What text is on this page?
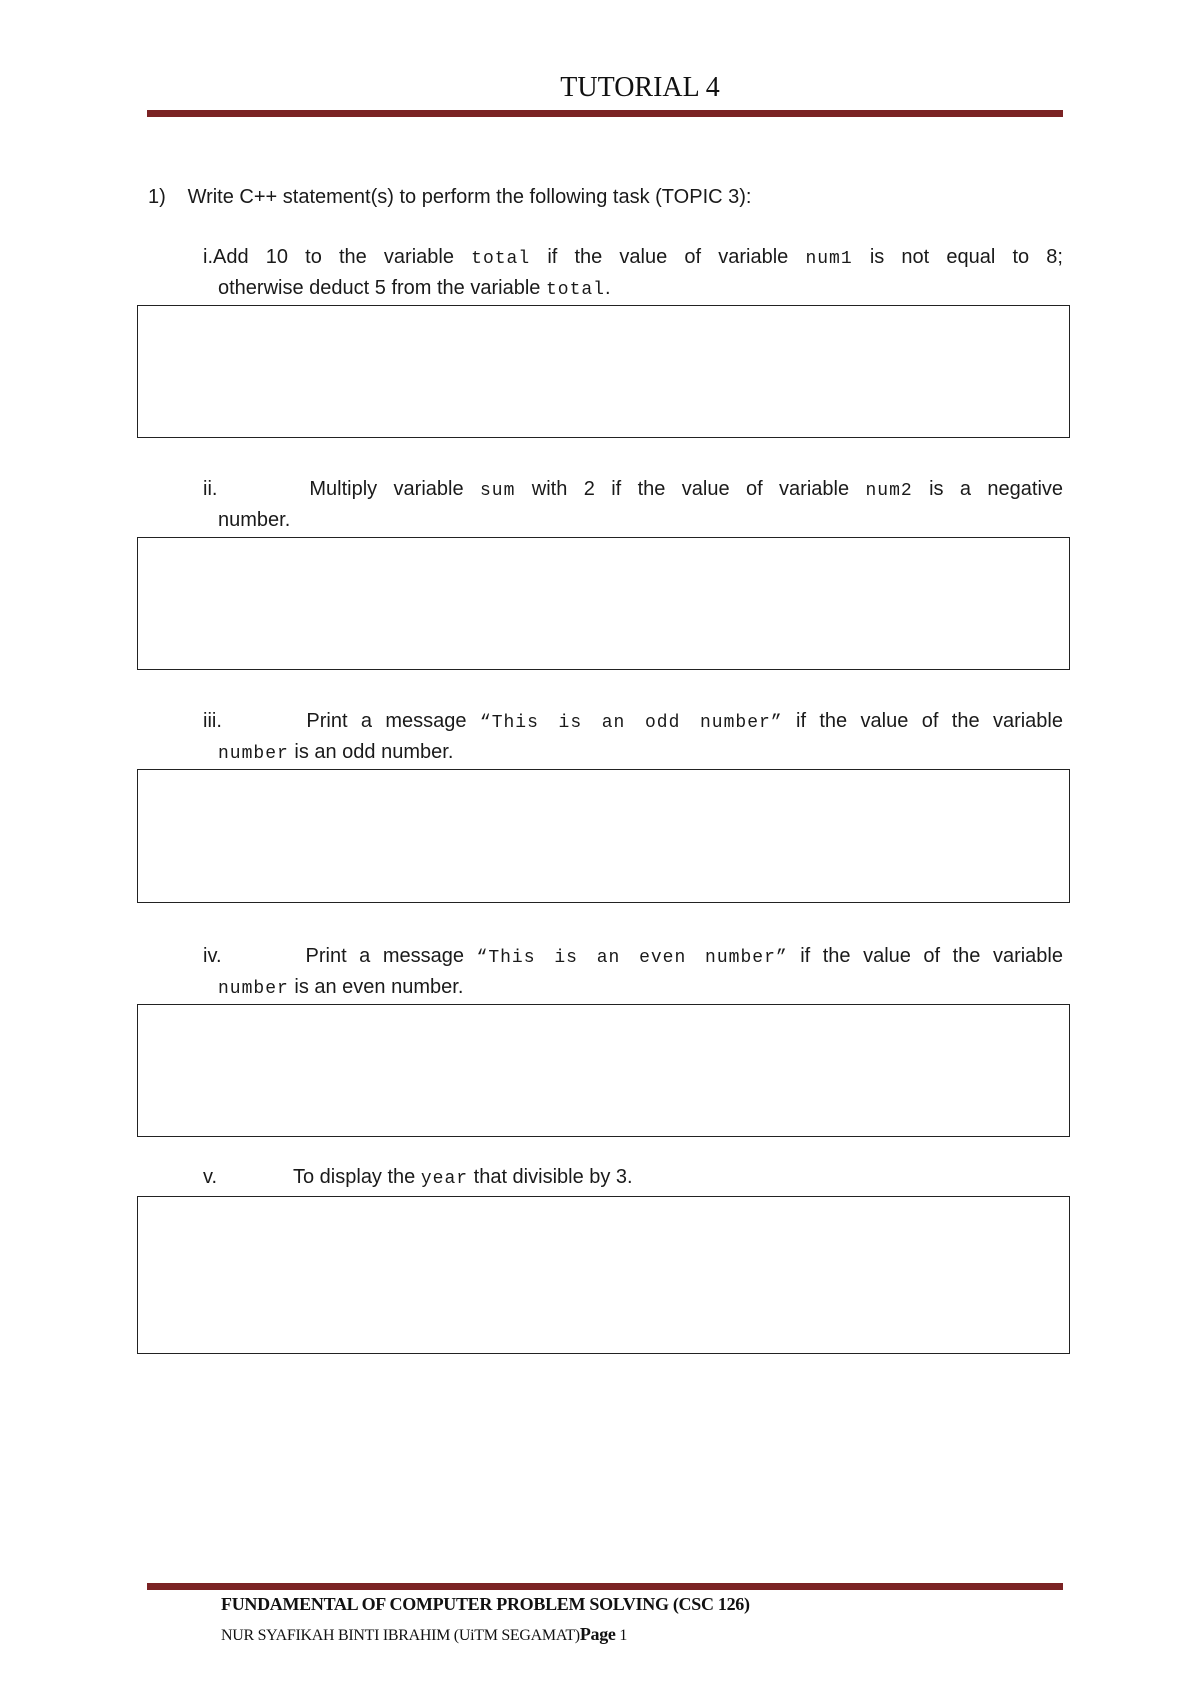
TUTORIAL 4
1) Write C++ statement(s) to perform the following task (TOPIC 3):
i.Add 10 to the variable total if the value of variable num1 is not equal to 8;
otherwise deduct 5 from the variable total.
ii.	Multiply variable sum with 2 if the value of variable num2 is a negative
number.
iii.	Print a message “This is an odd number” if the value of the variable
number is an odd number.
iv.	Print a message “This is an even number” if the value of the variable
number is an even number.
v.	To display the year that divisible by 3.
FUNDAMENTAL OF COMPUTER PROBLEM SOLVING (CSC 126)
NUR SYAFIKAH BINTI IBRAHIM (UiTM SEGAMAT)Page 1
